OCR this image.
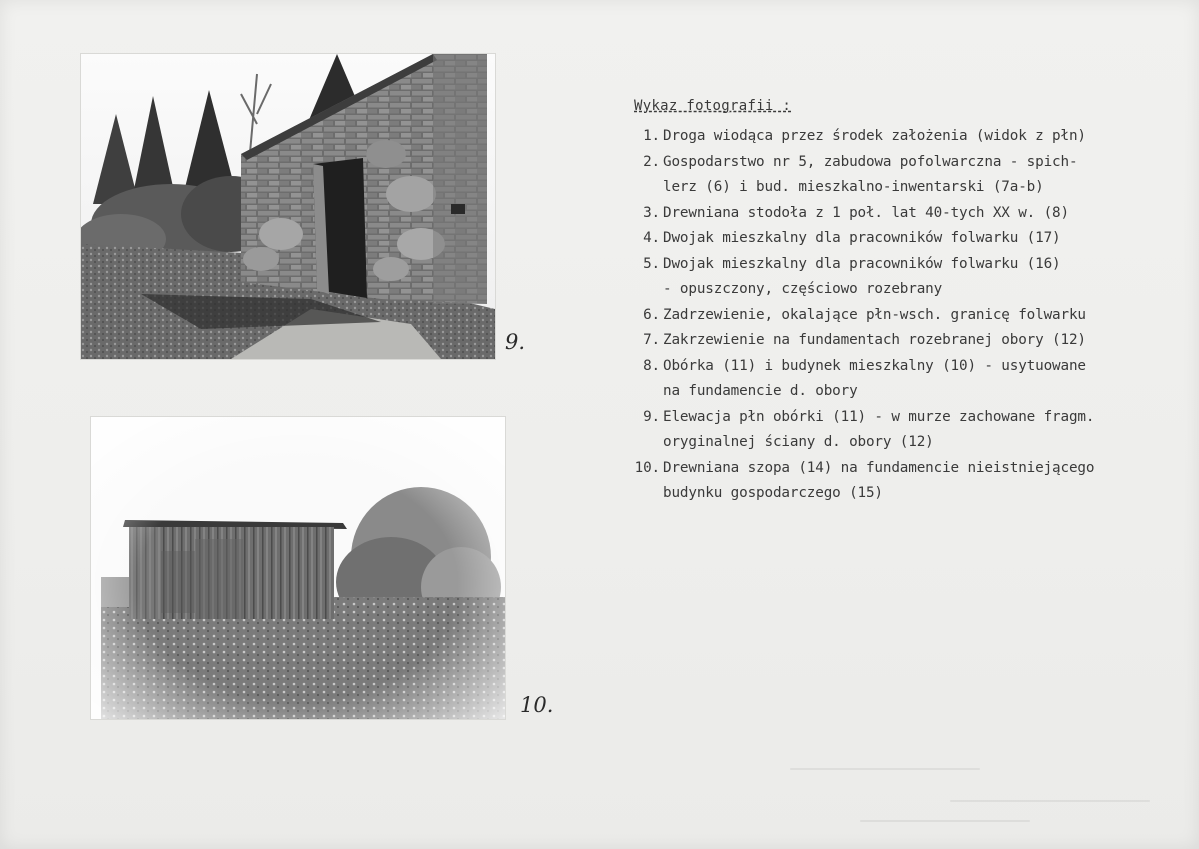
9.
10.
Wykaz fotografii :
1. Droga wiodąca przez środek założenia (widok z płn)
2. Gospodarstwo nr 5, zabudowa pofolwarczna - spich-
lerz (6) i bud. mieszkalno-inwentarski (7a-b)
3. Drewniana stodoła z 1 poł. lat 40-tych XX w. (8)
4. Dwojak mieszkalny dla pracowników folwarku (17)
5. Dwojak mieszkalny dla pracowników folwarku (16)
- opuszczony, częściowo rozebrany
6. Zadrzewienie, okalające płn-wsch. granicę folwarku
7. Zakrzewienie na fundamentach rozebranej obory (12)
8. Obórka (11) i budynek mieszkalny (10) - usytuowane
na fundamencie d. obory
9. Elewacja płn obórki (11) - w murze zachowane fragm.
oryginalnej ściany d. obory (12)
10. Drewniana szopa (14) na fundamencie nieistniejącego
budynku gospodarczego (15)
